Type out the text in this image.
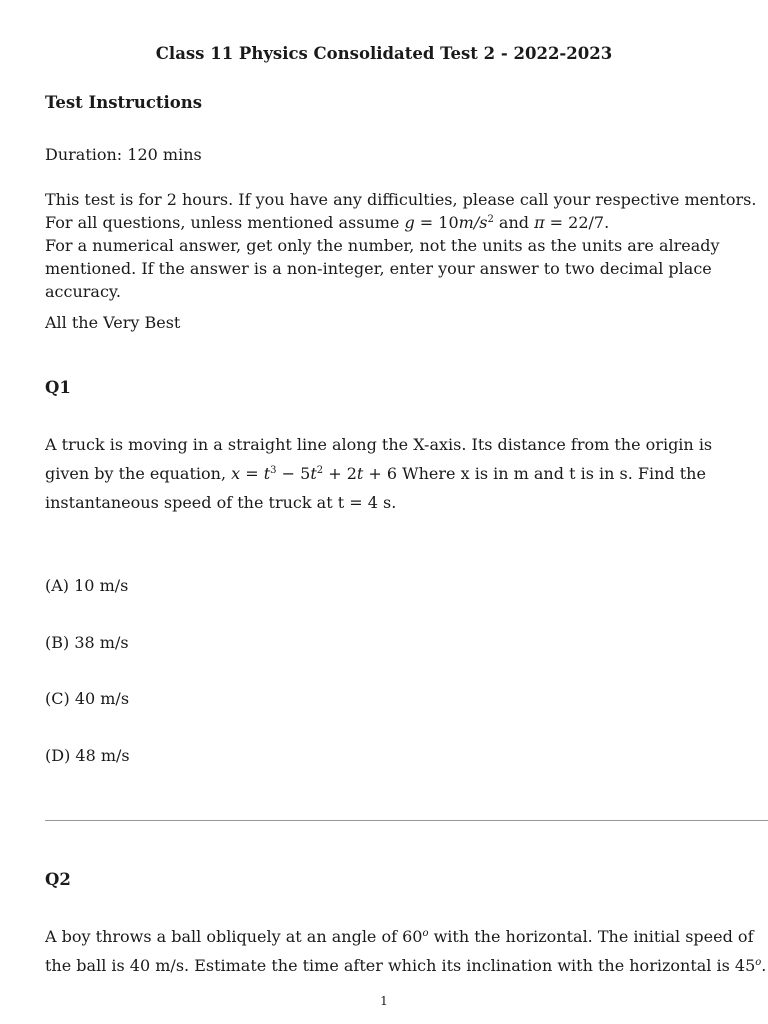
Class 11 Physics Consolidated Test 2 - 2022-2023
Test Instructions
Duration: 120 mins
This test is for 2 hours. If you have any difficulties, please call your respective mentors.
For all questions, unless mentioned assume $g = 10m/s^2$ and π = 22/7.
For a numerical answer, get only the number, not the units as the units are already
mentioned. If the answer is a non-integer, enter your answer to two decimal place
accuracy.
All the Very Best
Q1
A truck is moving in a straight line along the X-axis. Its distance from the origin is
given by the equation, $x = t^3 - 5t^2 + 2t + 6$ Where x is in m and t is in s. Find the
instantaneous speed of the truck at t = 4 s.
(A) 10 m/s
(B) 38 m/s
(C) 40 m/s
(D) 48 m/s
Q2
A boy throws a ball obliquely at an angle of 60$^o$ with the horizontal. The initial speed of
the ball is 40 m/s. Estimate the time after which its inclination with the horizontal is 45$^o$.
1
